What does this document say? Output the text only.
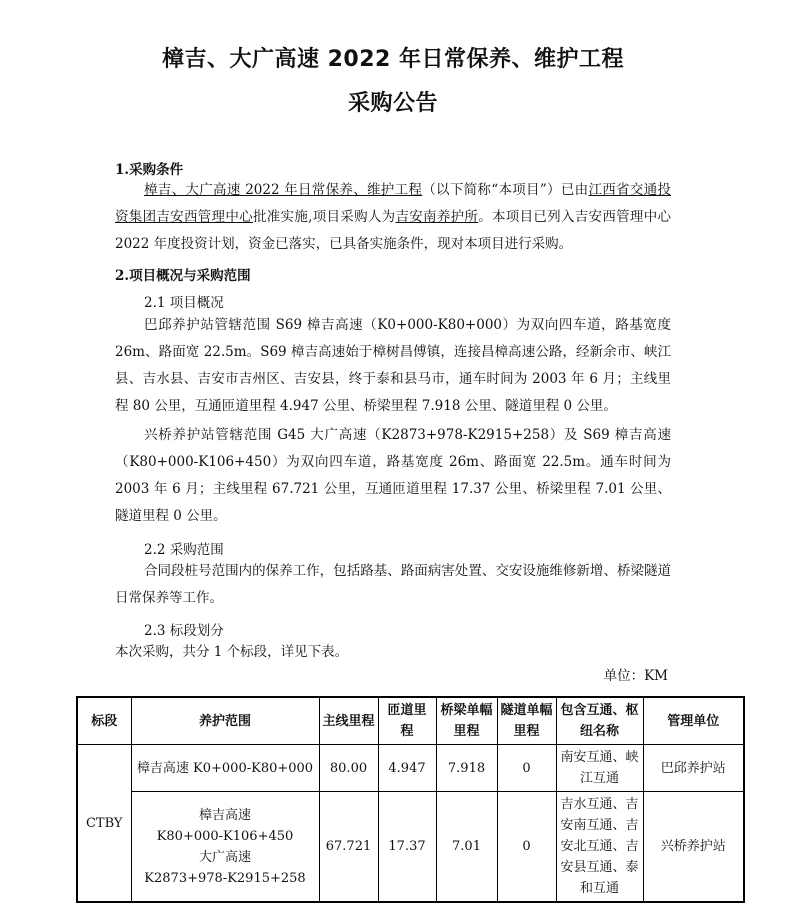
樟吉、大广高速 2022 年日常保养、维护工程
采购公告
1.采购条件
樟吉、大广高速 2022 年日常保养、维护工程（以下简称“本项目”）已由江西省交通投资集团吉安西管理中心批准实施,项目采购人为吉安南养护所。本项目已列入吉安西管理中心 2022 年度投资计划，资金已落实，已具备实施条件，现对本项目进行采购。
2.项目概况与采购范围
2.1 项目概况
巴邱养护站管辖范围 S69 樟吉高速（K0+000-K80+000）为双向四车道，路基宽度 26m、路面宽 22.5m。S69 樟吉高速始于樟树昌傅镇，连接昌樟高速公路，经新余市、峡江县、吉水县、吉安市吉州区、吉安县，终于泰和县马市，通车时间为 2003 年 6 月；主线里程 80 公里，互通匝道里程 4.947 公里、桥梁里程 7.918 公里、隧道里程 0 公里。
兴桥养护站管辖范围 G45 大广高速（K2873+978-K2915+258）及 S69 樟吉高速（K80+000-K106+450）为双向四车道，路基宽度 26m、路面宽 22.5m。通车时间为 2003 年 6 月；主线里程 67.721 公里，互通匝道里程 17.37 公里、桥梁里程 7.01 公里、隧道里程 0 公里。
2.2 采购范围
合同段桩号范围内的保养工作，包括路基、路面病害处置、交安设施维修新增、桥梁隧道日常保养等工作。
2.3 标段划分
本次采购，共分 1 个标段，详见下表。
单位：KM
标段	养护范围	主线里程	匝道里程	桥梁单幅里程	隧道单幅里程	包含互通、枢纽名称	管理单位
CTBY	樟吉高速 K0+000-K80+000	80.00	4.947	7.918	0	南安互通、峡江互通	巴邱养护站

	樟吉高速
K80+000-K106+450
大广高速
K2873+978-K2915+258	67.721	17.37	7.01	0	吉水互通、吉安南互通、吉安北互通、吉安县互通、泰和互通	兴桥养护站
